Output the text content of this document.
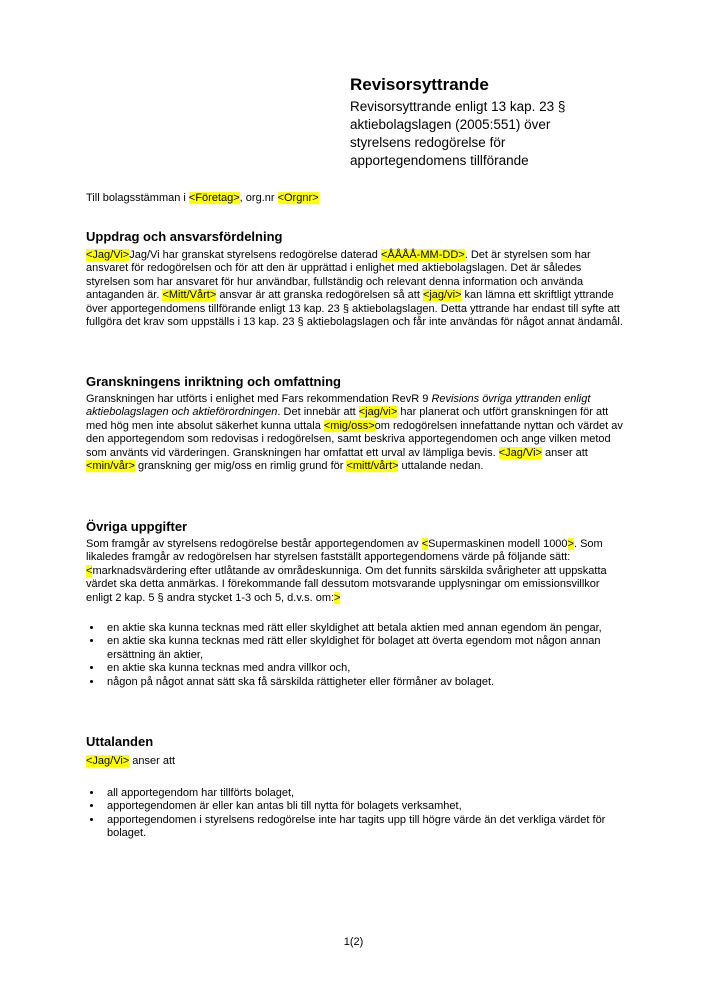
Revisorsyttrande

Revisorsyttrande enligt 13 kap. 23 § aktiebolagslagen (2005:551) över styrelsens redogörelse för apportegendomens tillförande

Till bolagsstämman i <Företag>, org.nr <Orgnr>

Uppdrag och ansvarsfördelning

<Jag/Vi>Jag/Vi har granskat styrelsens redogörelse daterad <ÅÅÅÅ-MM-DD>. Det är styrelsen som har ansvaret för redogörelsen och för att den är upprättad i enlighet med aktiebolagslagen. Det är således styrelsen som har ansvaret för hur användbar, fullständig och relevant denna information och använda antaganden är. <Mitt/Vårt> ansvar är att granska redogörelsen så att <jag/vi> kan lämna ett skriftligt yttrande över apportegendomens tillförande enligt 13 kap. 23 § aktiebolagslagen. Detta yttrande har endast till syfte att fullgöra det krav som uppställs i 13 kap. 23 § aktiebolagslagen och får inte användas för något annat ändamål.

Granskningens inriktning och omfattning

Granskningen har utförts i enlighet med Fars rekommendation RevR 9 Revisions övriga yttranden enligt aktiebolagslagen och aktieförordningen. Det innebär att <jag/vi> har planerat och utfört granskningen för att med hög men inte absolut säkerhet kunna uttala <mig/oss>om redogörelsen innefattande nyttan och värdet av den apportegendom som redovisas i redogörelsen, samt beskriva apportegendomen och ange vilken metod som använts vid värderingen. Granskningen har omfattat ett urval av lämpliga bevis. <Jag/Vi> anser att <min/vår> granskning ger mig/oss en rimlig grund för <mitt/vårt> uttalande nedan.

Övriga uppgifter

Som framgår av styrelsens redogörelse består apportegendomen av <Supermaskinen modell 1000>. Som likaledes framgår av redogörelsen har styrelsen fastställt apportegendomens värde på följande sätt: <marknadsvärdering efter utlåtande av områdeskunniga. Om det funnits särskilda svårigheter att uppskatta värdet ska detta anmärkas. I förekommande fall dessutom motsvarande upplysningar om emissionsvillkor enligt 2 kap. 5 § andra stycket 1-3 och 5, d.v.s. om:>

• en aktie ska kunna tecknas med rätt eller skyldighet att betala aktien med annan egendom än pengar,
• en aktie ska kunna tecknas med rätt eller skyldighet för bolaget att överta egendom mot någon annan ersättning än aktier,
• en aktie ska kunna tecknas med andra villkor och,
• någon på något annat sätt ska få särskilda rättigheter eller förmåner av bolaget.
Uttalanden

<Jag/Vi> anser att

• all apportegendom har tillförts bolaget,
• apportegendomen är eller kan antas bli till nytta för bolagets verksamhet,
• apportegendomen i styrelsens redogörelse inte har tagits upp till högre värde än det verkliga värdet för bolaget.
1(2)
